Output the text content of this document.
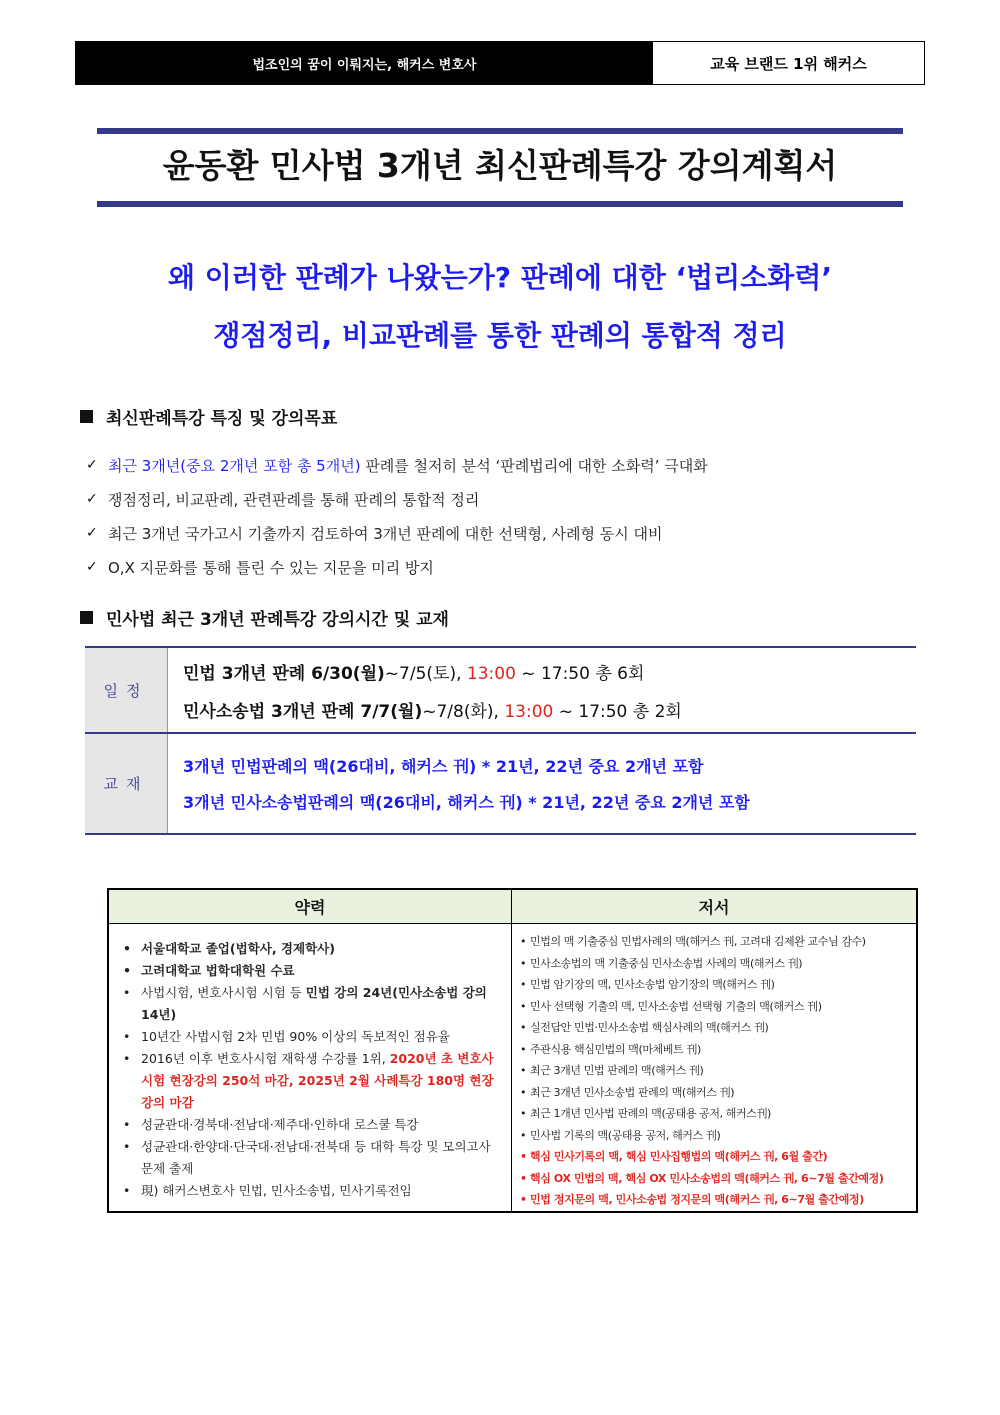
법조인의 꿈이 이뤄지는, 해커스 변호사	교육 브랜드 1위 해커스
윤동환 민사법 3개년 최신판례특강 강의계획서
왜 이러한 판례가 나왔는가? 판례에 대한 ‘법리소화력’
쟁점정리, 비교판례를 통한 판례의 통합적 정리
최신판례특강 특징 및 강의목표
✓ 최근 3개년(중요 2개년 포함 총 5개년) 판례를 철저히 분석 ‘판례법리에 대한 소화력’ 극대화
✓ 쟁점정리, 비교판례, 관련판례를 통해 판례의 통합적 정리
✓ 최근 3개년 국가고시 기출까지 검토하여 3개년 판례에 대한 선택형, 사례형 동시 대비
✓ O,X 지문화를 통해 틀린 수 있는 지문을 미리 방지
민사법 최근 3개년 판례특강 강의시간 및 교재
일정
민법 3개년 판례 6/30(월)~7/5(토), 13:00 ~ 17:50 총 6회
민사소송법 3개년 판례 7/7(월)~7/8(화), 13:00 ~ 17:50 총 2회
교재
3개년 민법판례의 맥(26대비, 해커스 刊) * 21년, 22년 중요 2개년 포함
3개년 민사소송법판례의 맥(26대비, 해커스 刊) * 21년, 22년 중요 2개년 포함
약력	저서
• 서울대학교 졸업(법학사, 경제학사)
• 고려대학교 법학대학원 수료
• 사법시험, 변호사시험 시험 등 민법 강의 24년(민사소송법 강의 14년)
• 10년간 사법시험 2차 민법 90% 이상의 독보적인 점유율
• 2016년 이후 변호사시험 재학생 수강률 1위, 2020년 초 변호사시험 현장강의 250석 마감, 2025년 2월 사례특강 180명 현장강의 마감
• 성균관대·경북대·전남대·제주대·인하대 로스쿨 특강
• 성균관대·한양대·단국대·전남대·전북대 등 대학 특강 및 모의고사 문제 출제
• 現) 해커스변호사 민법, 민사소송법, 민사기록전임
• 민법의 맥 기출중심 민법사례의 맥(해커스 刊, 고려대 김제완 교수님 감수)
• 민사소송법의 맥 기출중심 민사소송법 사례의 맥(해커스 刊)
• 민법 암기장의 맥, 민사소송법 암기장의 맥(해커스 刊)
• 민사 선택형 기출의 맥, 민사소송법 선택형 기출의 맥(해커스 刊)
• 실전답안 민법·민사소송법 핵심사례의 맥(해커스 刊)
• 주관식용 핵심민법의 맥(마체베트 刊)
• 최근 3개년 민법 판례의 맥(해커스 刊)
• 최근 3개년 민사소송법 판례의 맥(해커스 刊)
• 최근 1개년 민사법 판례의 맥(공태용 공저, 해커스刊)
• 민사법 기록의 맥(공태용 공저, 해커스 刊)
• 핵심 민사기록의 맥, 핵심 민사집행법의 맥(해커스 刊, 6월 출간)
• 핵심 OX 민법의 맥, 핵심 OX 민사소송법의 맥(해커스 刊, 6~7월 출간예정)
• 민법 정지문의 맥, 민사소송법 정지문의 맥(해커스 刊, 6~7월 출간예정)
